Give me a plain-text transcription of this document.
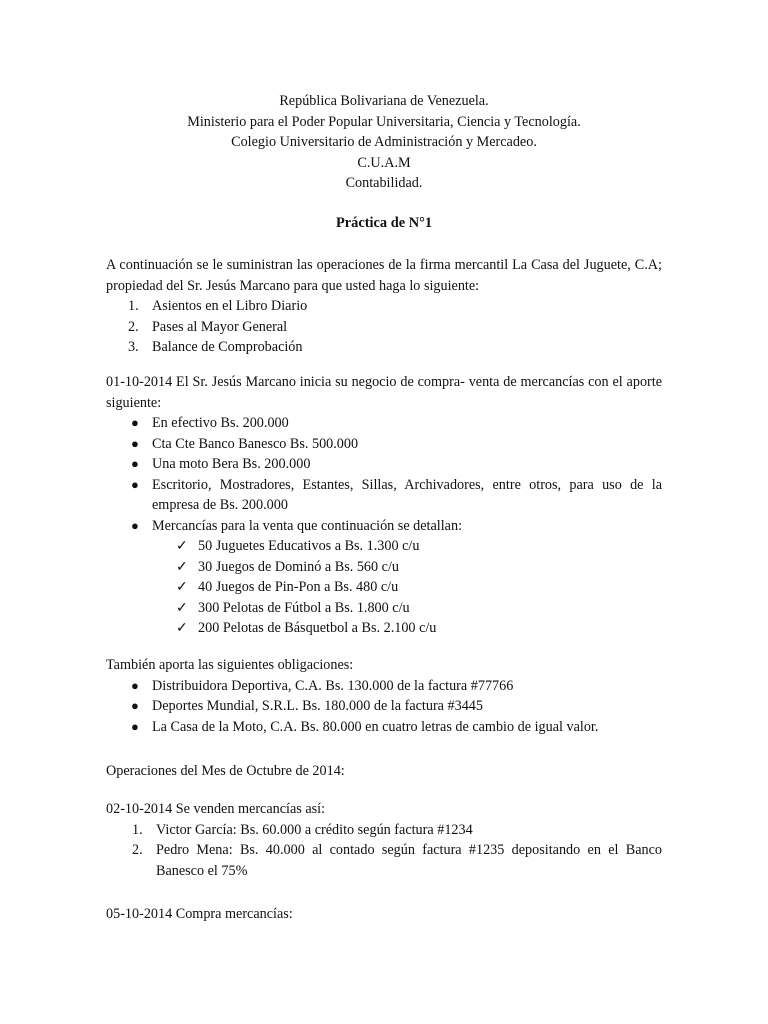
República Bolivariana de Venezuela.
Ministerio para el Poder Popular Universitaria, Ciencia y Tecnología.
Colegio Universitario de Administración y Mercadeo.
C.U.A.M
Contabilidad.
Práctica de N°1
A continuación se le suministran las operaciones de la firma mercantil La Casa del Juguete, C.A; propiedad del Sr. Jesús Marcano para que usted haga lo siguiente:
1. Asientos en el Libro Diario
2. Pases al Mayor General
3. Balance de Comprobación
01-10-2014 El Sr. Jesús Marcano inicia su negocio de compra- venta de mercancías con el aporte siguiente:
● En efectivo Bs. 200.000
● Cta Cte Banco Banesco Bs. 500.000
● Una moto Bera Bs. 200.000
● Escritorio, Mostradores, Estantes, Sillas, Archivadores, entre otros, para uso de la empresa de Bs. 200.000
● Mercancías para la venta que continuación se detallan:
✓ 50 Juguetes Educativos a Bs. 1.300 c/u
✓ 30 Juegos de Dominó a Bs. 560 c/u
✓ 40 Juegos de Pin-Pon a Bs. 480 c/u
✓ 300 Pelotas de Fútbol a Bs. 1.800 c/u
✓ 200 Pelotas de Básquetbol a Bs. 2.100 c/u
También aporta las siguientes obligaciones:
● Distribuidora Deportiva, C.A. Bs. 130.000 de la factura #77766
● Deportes Mundial, S.R.L. Bs. 180.000 de la factura #3445
● La Casa de la Moto, C.A. Bs. 80.000 en cuatro letras de cambio de igual valor.
Operaciones del Mes de Octubre de 2014:
02-10-2014 Se venden mercancías así:
1. Victor García: Bs. 60.000 a crédito según factura #1234
2. Pedro Mena: Bs. 40.000 al contado según factura #1235 depositando en el Banco Banesco el 75%
05-10-2014 Compra mercancías:
